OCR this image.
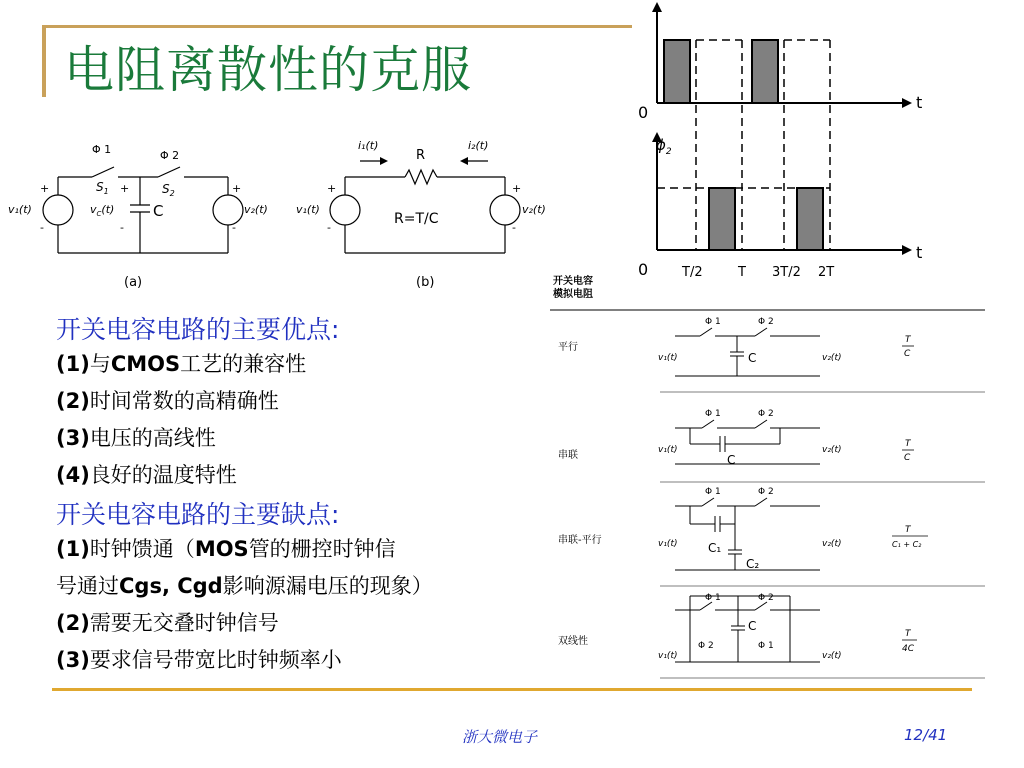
电阻离散性的克服
0
t
$\phi_2$
0
t
T/2	T 3T/2 2T
Φ 1	Φ 2
$S_1$	$S_2$
+
-
+
-
+
-
v₁(t)	$v_C(t)$	C	v₂(t)
(a)
i₁(t)	i₂(t)
R
+
-
+
-
v₁(t)	v₂(t)
R=T/C
(b)	开关电容
模拟电阻
平行
Φ 1	Φ 2
C
v₁(t)	v₂(t)
T
C
串联
Φ 1	Φ 2
C
v₁(t)	v₂(t)
T
C
串联-平行
Φ 1	Φ 2
C₁
C₂
v₁(t)	v₂(t)
T
C₁ + C₂
双线性
Φ 1	Φ 2
C
Φ 2	Φ 1
v₁(t)	v₂(t)
T
4C
开关电容电路的主要优点:
(1)与CMOS工艺的兼容性
(2)时间常数的高精确性
(3)电压的高线性
(4)良好的温度特性
开关电容电路的主要缺点:
(1)时钟馈通（MOS管的栅控时钟信
号通过Cgs, Cgd影响源漏电压的现象）
(2)需要无交叠时钟信号
(3)要求信号带宽比时钟频率小
浙大微电子	12/41
